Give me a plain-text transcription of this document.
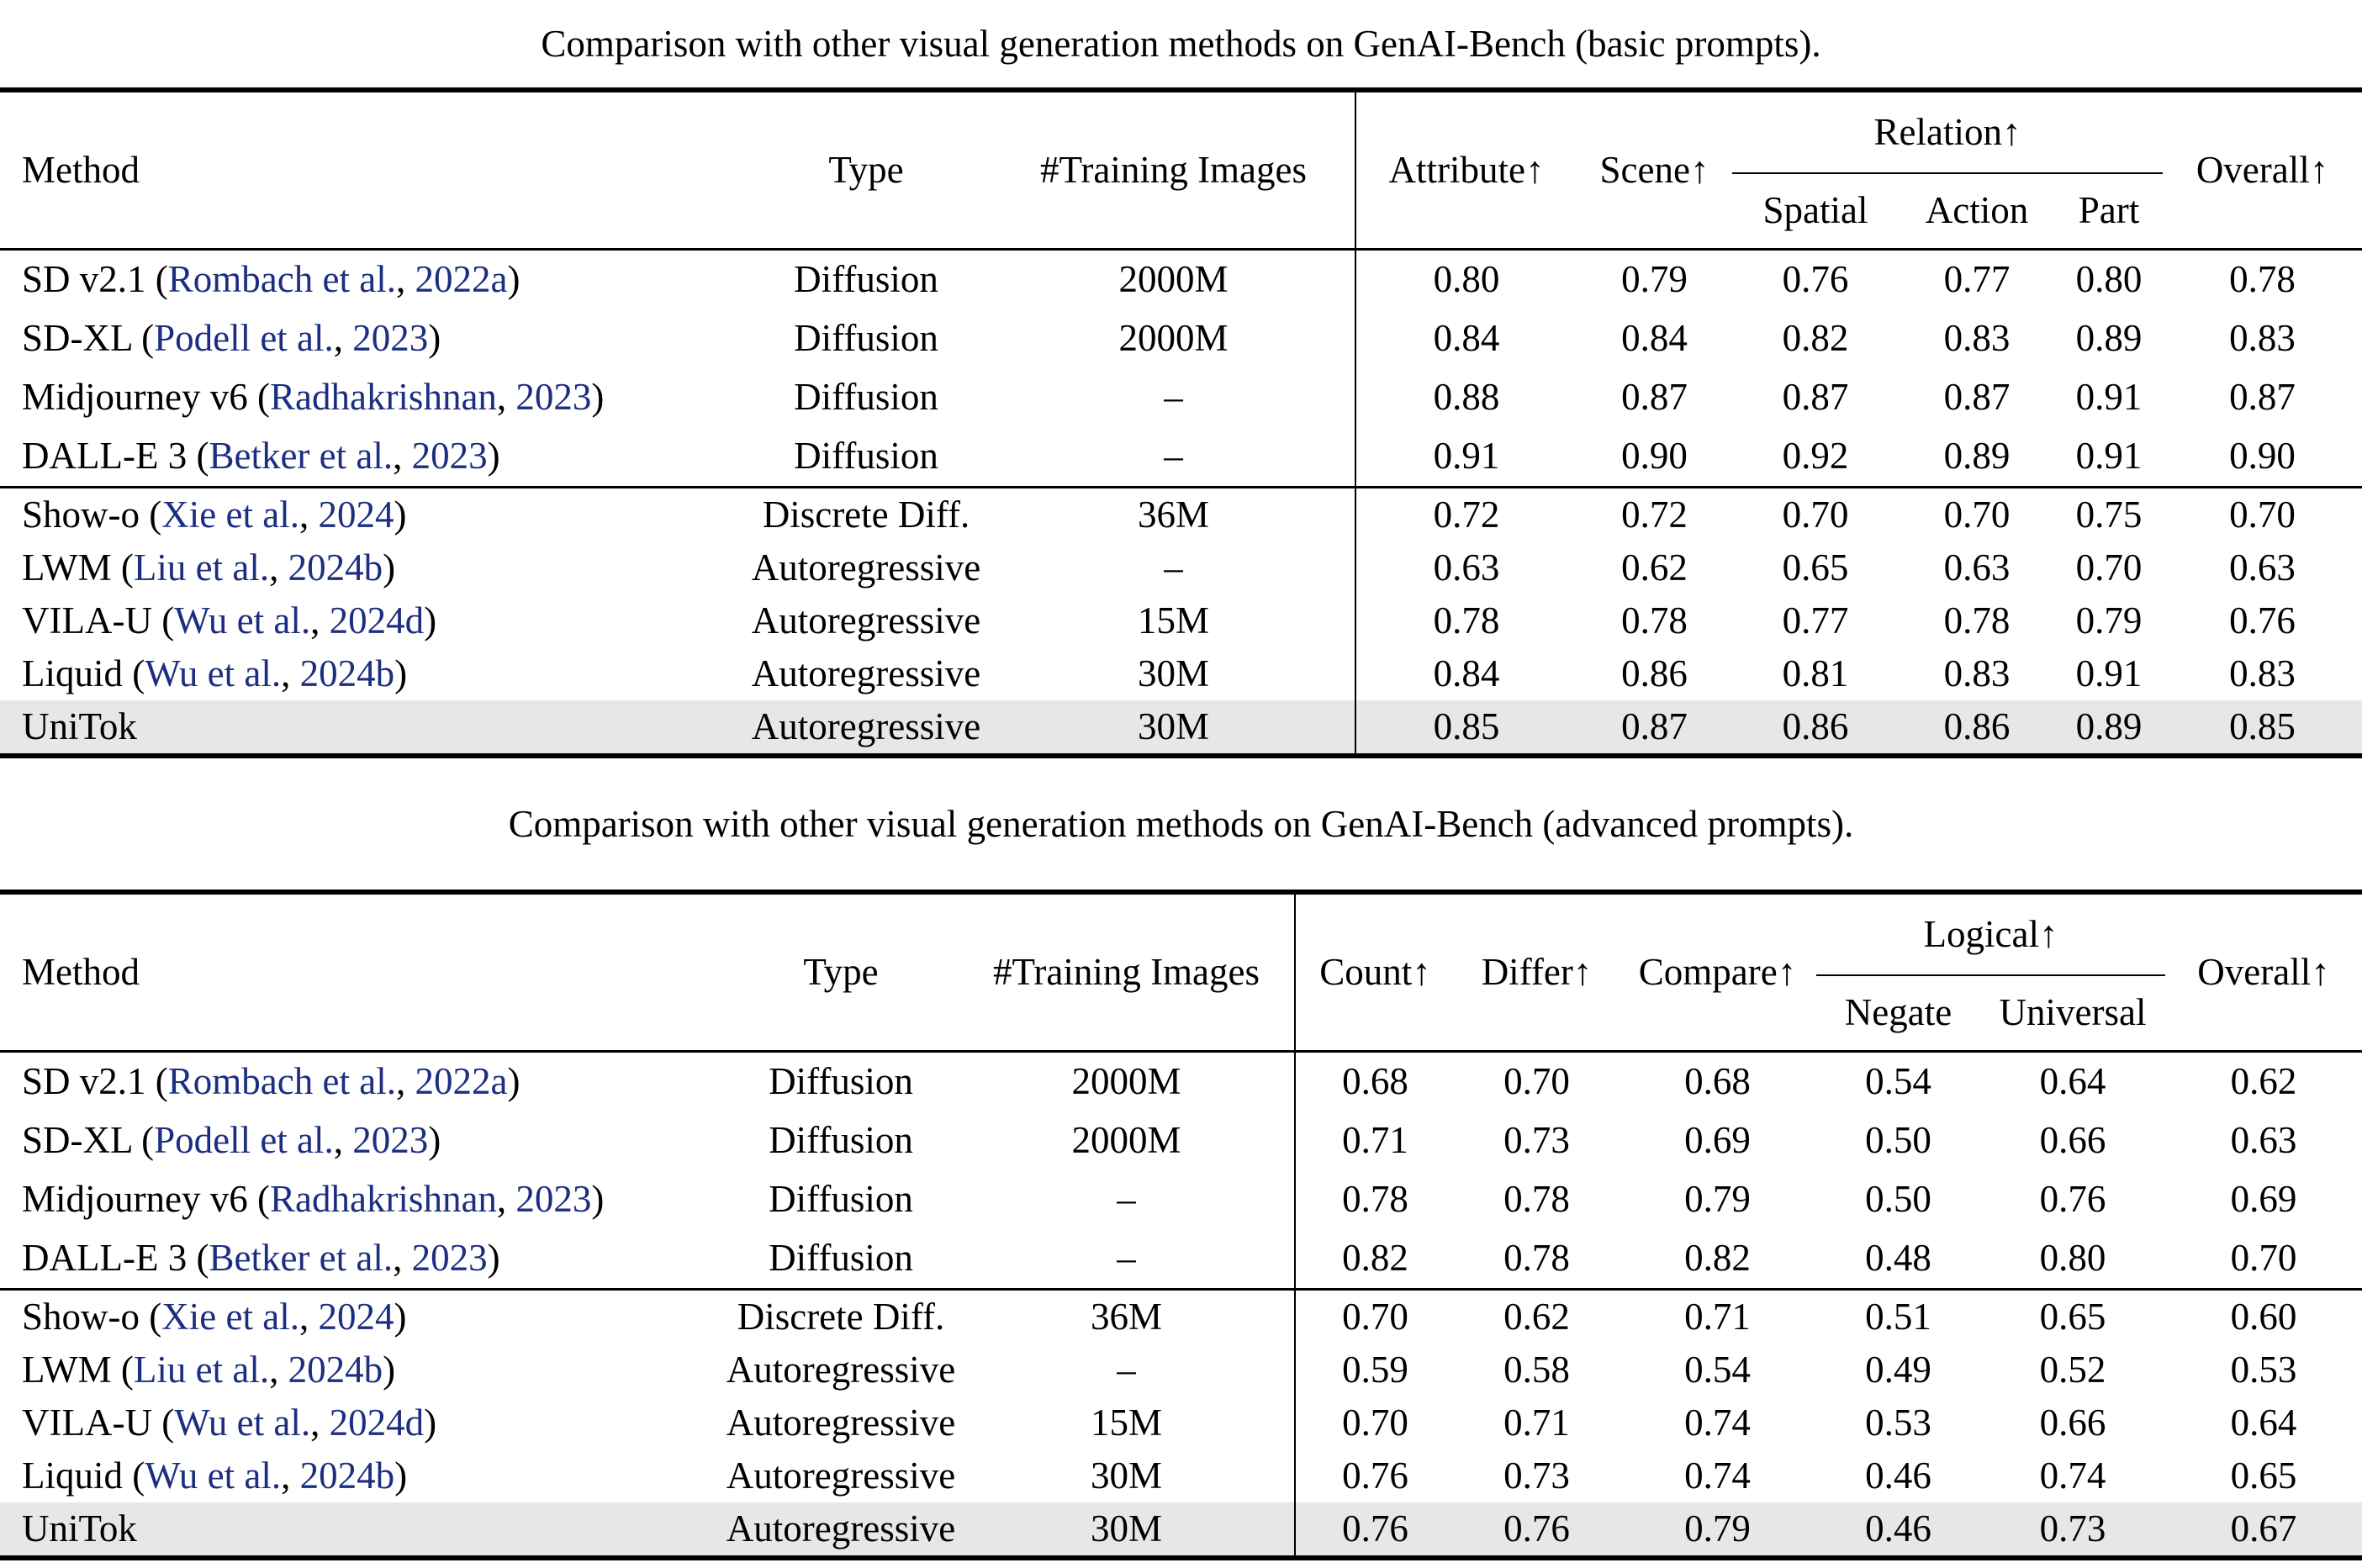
Comparison with other visual generation methods on GenAI-Bench (basic prompts).
Method	Type	#Training Images	Attribute↑	Scene↑	Relation↑			Overall↑
					Spatial	Action	Part	
SD v2.1 (Rombach et al., 2022a)	Diffusion	2000M	0.80	0.79	0.76	0.77	0.80	0.78
SD-XL (Podell et al., 2023)	Diffusion	2000M	0.84	0.84	0.82	0.83	0.89	0.83
Midjourney v6 (Radhakrishnan, 2023)	Diffusion	–	0.88	0.87	0.87	0.87	0.91	0.87
DALL-E 3 (Betker et al., 2023)	Diffusion	–	0.91	0.90	0.92	0.89	0.91	0.90
Show-o (Xie et al., 2024)	Discrete Diff.	36M	0.72	0.72	0.70	0.70	0.75	0.70
LWM (Liu et al., 2024b)	Autoregressive	–	0.63	0.62	0.65	0.63	0.70	0.63
VILA-U (Wu et al., 2024d)	Autoregressive	15M	0.78	0.78	0.77	0.78	0.79	0.76
Liquid (Wu et al., 2024b)	Autoregressive	30M	0.84	0.86	0.81	0.83	0.91	0.83
UniTok	Autoregressive	30M	0.85	0.87	0.86	0.86	0.89	0.85
Comparison with other visual generation methods on GenAI-Bench (advanced prompts).
Method	Type	#Training Images	Count↑	Differ↑	Compare↑	Logical↑		Overall↑
						Negate	Universal	
SD v2.1 (Rombach et al., 2022a)	Diffusion	2000M	0.68	0.70	0.68	0.54	0.64	0.62
SD-XL (Podell et al., 2023)	Diffusion	2000M	0.71	0.73	0.69	0.50	0.66	0.63
Midjourney v6 (Radhakrishnan, 2023)	Diffusion	–	0.78	0.78	0.79	0.50	0.76	0.69
DALL-E 3 (Betker et al., 2023)	Diffusion	–	0.82	0.78	0.82	0.48	0.80	0.70
Show-o (Xie et al., 2024)	Discrete Diff.	36M	0.70	0.62	0.71	0.51	0.65	0.60
LWM (Liu et al., 2024b)	Autoregressive	–	0.59	0.58	0.54	0.49	0.52	0.53
VILA-U (Wu et al., 2024d)	Autoregressive	15M	0.70	0.71	0.74	0.53	0.66	0.64
Liquid (Wu et al., 2024b)	Autoregressive	30M	0.76	0.73	0.74	0.46	0.74	0.65
UniTok	Autoregressive	30M	0.76	0.76	0.79	0.46	0.73	0.67
